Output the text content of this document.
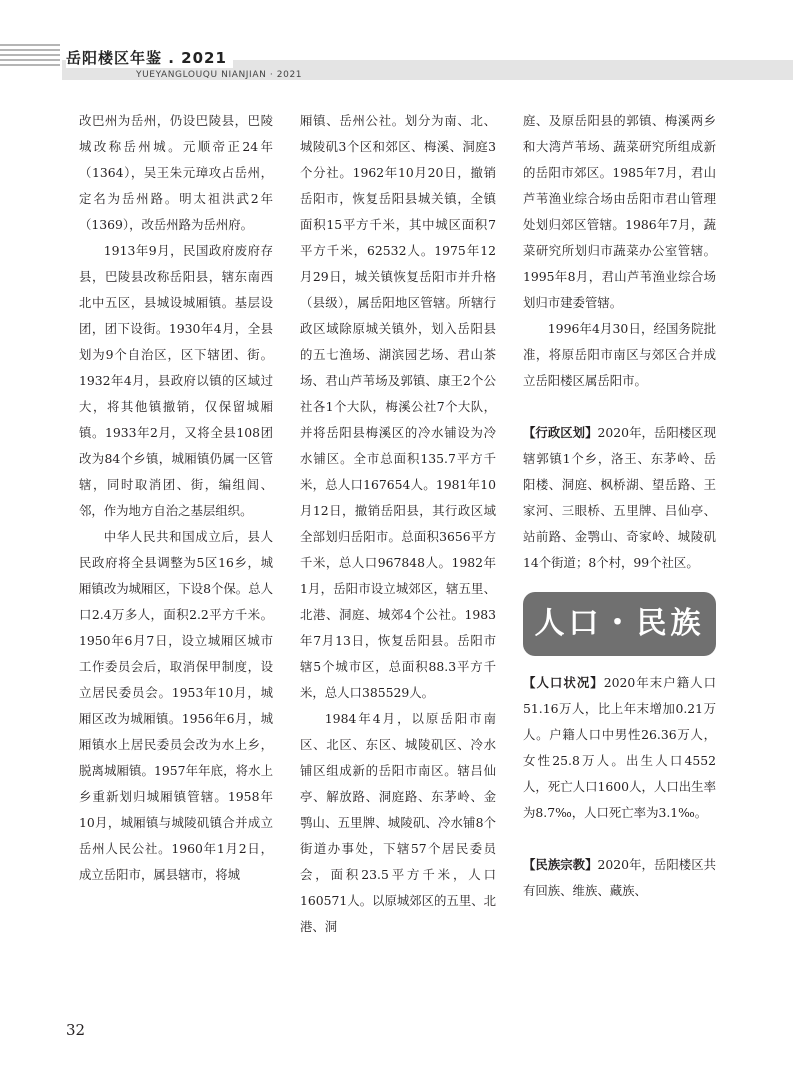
岳阳楼区年鉴 . 2021
YUEYANGLOUQU NIANJIAN · 2021

改巴州为岳州，仍设巴陵县，巴陵城改称岳州城。元顺帝正24年（1364），吴王朱元璋攻占岳州，定名为岳州路。明太祖洪武2年（1369），改岳州路为岳州府。

1913年9月，民国政府废府存县，巴陵县改称岳阳县，辖东南西北中五区，县城设城厢镇。基层设团，团下设街。1930年4月，全县划为9个自治区，区下辖团、街。1932年4月，县政府以镇的区域过大，将其他镇撤销，仅保留城厢镇。1933年2月，又将全县108团改为84个乡镇，城厢镇仍属一区管辖，同时取消团、街，编组闾、邻，作为地方自治之基层组织。

中华人民共和国成立后，县人民政府将全县调整为5区16乡，城厢镇改为城厢区，下设8个保。总人口2.4万多人，面积2.2平方千米。1950年6月7日，设立城厢区城市工作委员会后，取消保甲制度，设立居民委员会。1953年10月，城厢区改为城厢镇。1956年6月，城厢镇水上居民委员会改为水上乡，脱离城厢镇。1957年年底，将水上乡重新划归城厢镇管辖。1958年10月，城厢镇与城陵矶镇合并成立岳州人民公社。1960年1月2日，成立岳阳市，属县辖市，将城

厢镇、岳州公社。划分为南、北、城陵矶3个区和郊区、梅溪、洞庭3个分社。1962年10月20日，撤销岳阳市，恢复岳阳县城关镇，全镇面积15平方千米，其中城区面积7平方千米，62532人。1975年12月29日，城关镇恢复岳阳市并升格（县级），属岳阳地区管辖。所辖行政区域除原城关镇外，划入岳阳县的五七渔场、湖滨园艺场、君山茶场、君山芦苇场及郭镇、康王2个公社各1个大队，梅溪公社7个大队，并将岳阳县梅溪区的冷水铺设为冷水铺区。全市总面积135.7平方千米，总人口167654人。1981年10月12日，撤销岳阳县，其行政区域全部划归岳阳市。总面积3656平方千米，总人口967848人。1982年1月，岳阳市设立城郊区，辖五里、北港、洞庭、城郊4个公社。1983年7月13日，恢复岳阳县。岳阳市辖5个城市区，总面积88.3平方千米，总人口385529人。

1984年4月，以原岳阳市南区、北区、东区、城陵矶区、冷水铺区组成新的岳阳市南区。辖吕仙亭、解放路、洞庭路、东茅岭、金鹗山、五里牌、城陵矶、冷水铺8个街道办事处，下辖57个居民委员会，面积23.5平方千米，人口160571人。以原城郊区的五里、北港、洞

庭、及原岳阳县的郭镇、梅溪两乡和大湾芦苇场、蔬菜研究所组成新的岳阳市郊区。1985年7月，君山芦苇渔业综合场由岳阳市君山管理处划归郊区管辖。1986年7月，蔬菜研究所划归市蔬菜办公室管辖。1995年8月，君山芦苇渔业综合场划归市建委管辖。

1996年4月30日，经国务院批准，将原岳阳市南区与郊区合并成立岳阳楼区属岳阳市。

【行政区划】2020年，岳阳楼区现辖郭镇1个乡，洛王、东茅岭、岳阳楼、洞庭、枫桥湖、望岳路、王家河、三眼桥、五里牌、吕仙亭、站前路、金鹗山、奇家岭、城陵矶14个街道；8个村，99个社区。

人口・民族

【人口状况】2020年末户籍人口51.16万人，比上年末增加0.21万人。户籍人口中男性26.36万人，女性25.8万人。出生人口4552人，死亡人口1600人，人口出生率为8.7‰，人口死亡率为3.1‰。

【民族宗教】2020年，岳阳楼区共有回族、维族、藏族、

32
